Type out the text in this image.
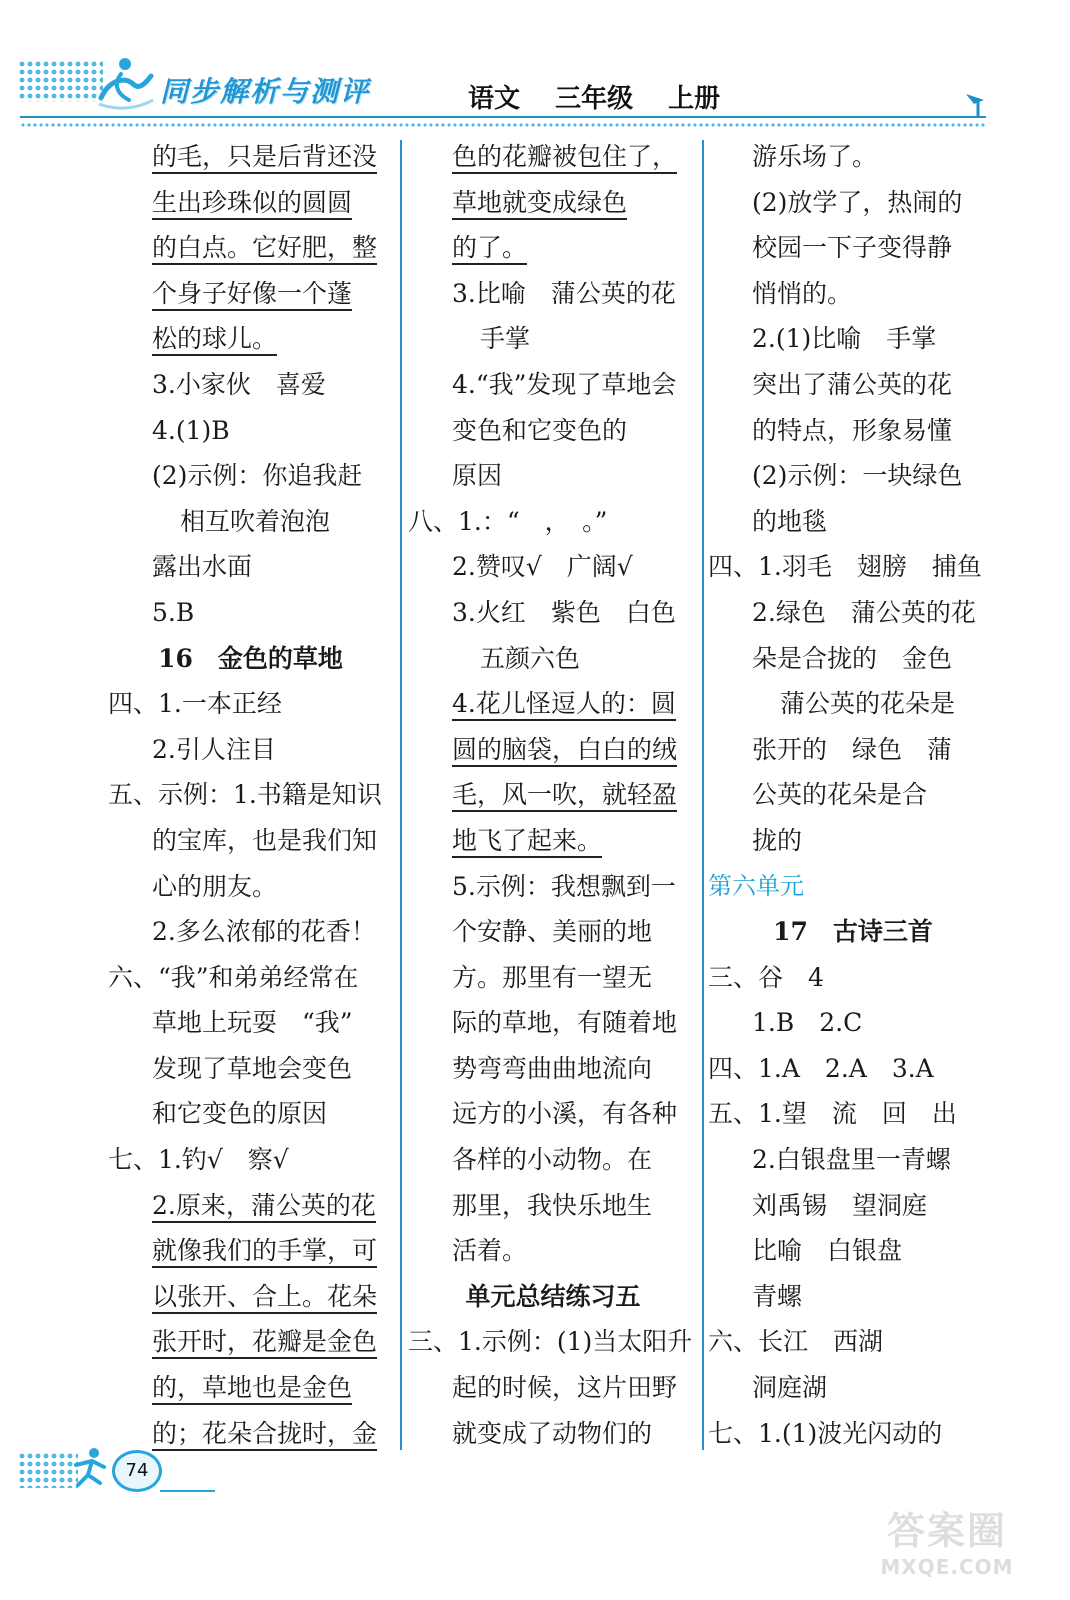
同步解析与测评	语文 三年级 上册
的毛，只是后背还没
生出珍珠似的圆圆
的白点。它好肥，整
个身子好像一个蓬
松的球儿。
3.小家伙　喜爱
4.(1)B
(2)示例：你追我赶
相互吹着泡泡
露出水面
5.B
16　金色的草地
四、1.一本正经
2.引人注目
五、示例：1.书籍是知识
的宝库，也是我们知
心的朋友。
2.多么浓郁的花香！
六、“我”和弟弟经常在
草地上玩耍　“我”
发现了草地会变色
和它变色的原因
七、1.钓√　察√
2.原来，蒲公英的花
就像我们的手掌，可
以张开、合上。花朵
张开时，花瓣是金色
的，草地也是金色
的；花朵合拢时，金
色的花瓣被包住了，
草地就变成绿色
的了。
3.比喻　蒲公英的花
手掌
4.“我”发现了草地会
变色和它变色的
原因
八、1.：“　，　。”
2.赞叹√　广阔√
3.火红　紫色　白色
五颜六色
4.花儿怪逗人的：圆
圆的脑袋，白白的绒
毛，风一吹，就轻盈
地飞了起来。
5.示例：我想飘到一
个安静、美丽的地
方。那里有一望无
际的草地，有随着地
势弯弯曲曲地流向
远方的小溪，有各种
各样的小动物。在
那里，我快乐地生
活着。
单元总结练习五
三、1.示例：(1)当太阳升
起的时候，这片田野
就变成了动物们的
游乐场了。
(2)放学了，热闹的
校园一下子变得静
悄悄的。
2.(1)比喻　手掌
突出了蒲公英的花
的特点，形象易懂
(2)示例：一块绿色
的地毯
四、1.羽毛　翅膀　捕鱼
2.绿色　蒲公英的花
朵是合拢的　金色
蒲公英的花朵是
张开的　绿色　蒲
公英的花朵是合
拢的
第六单元
17　古诗三首
三、谷　4
1.B　2.C
四、1.A　2.A　3.A
五、1.望　流　回　出
2.白银盘里一青螺
刘禹锡　望洞庭
比喻　白银盘
青螺
六、长江　西湖
洞庭湖
七、1.(1)波光闪动的
74
答案圈
MXQE.COM
